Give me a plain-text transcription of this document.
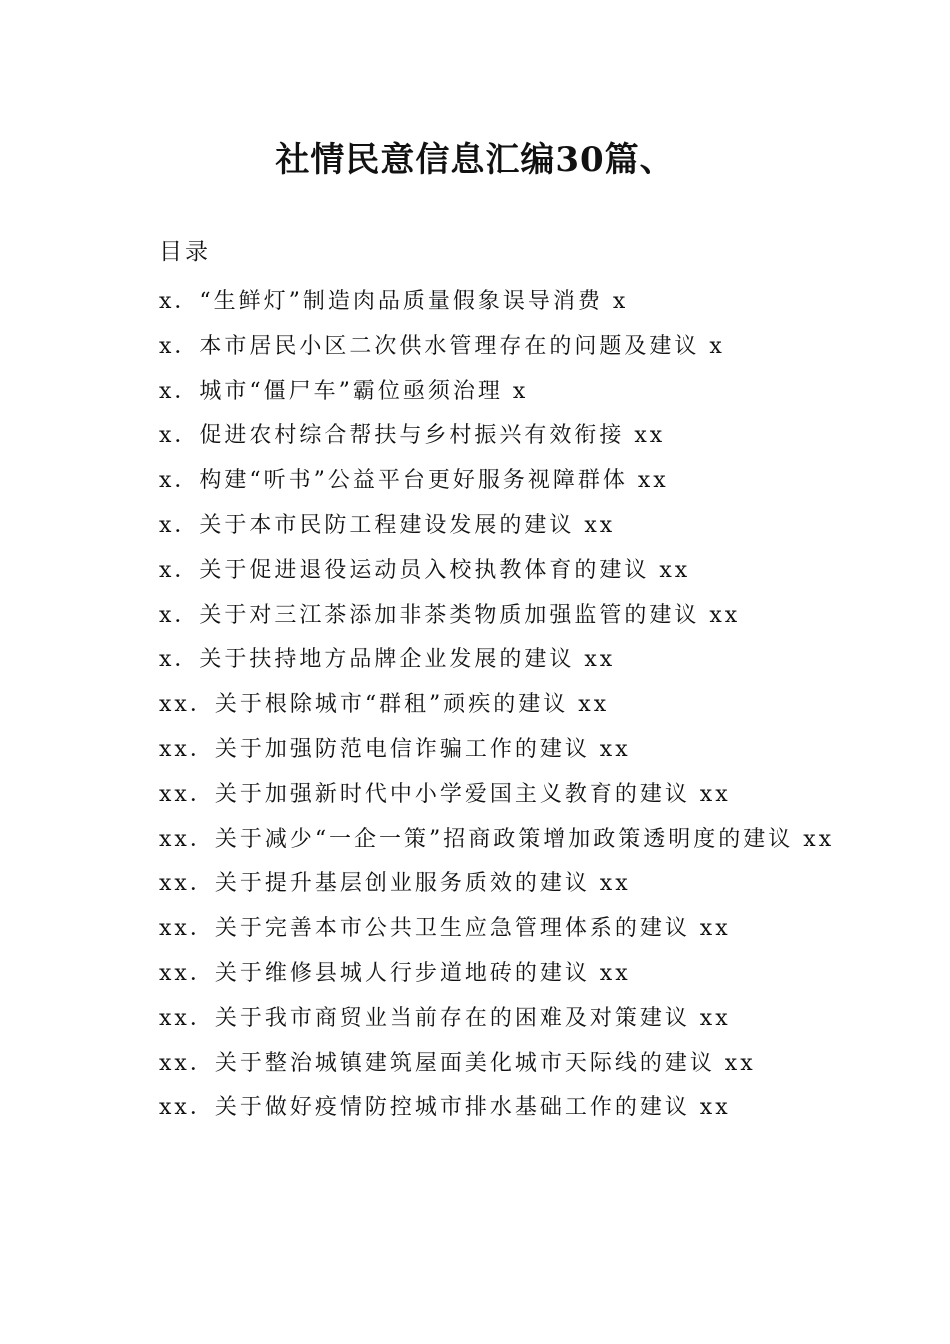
社情民意信息汇编30篇、
目录
x．“生鲜灯”制造肉品质量假象误导消费 x
x．本市居民小区二次供水管理存在的问题及建议 x
x．城市“僵尸车”霸位亟须治理 x
x．促进农村综合帮扶与乡村振兴有效衔接 xx
x．构建“听书”公益平台更好服务视障群体 xx
x．关于本市民防工程建设发展的建议 xx
x．关于促进退役运动员入校执教体育的建议 xx
x．关于对三江茶添加非茶类物质加强监管的建议 xx
x．关于扶持地方品牌企业发展的建议 xx
xx．关于根除城市“群租”顽疾的建议 xx
xx．关于加强防范电信诈骗工作的建议 xx
xx．关于加强新时代中小学爱国主义教育的建议 xx
xx．关于减少“一企一策”招商政策增加政策透明度的建议 xx
xx．关于提升基层创业服务质效的建议 xx
xx．关于完善本市公共卫生应急管理体系的建议 xx
xx．关于维修县城人行步道地砖的建议 xx
xx．关于我市商贸业当前存在的困难及对策建议 xx
xx．关于整治城镇建筑屋面美化城市天际线的建议 xx
xx．关于做好疫情防控城市排水基础工作的建议 xx
